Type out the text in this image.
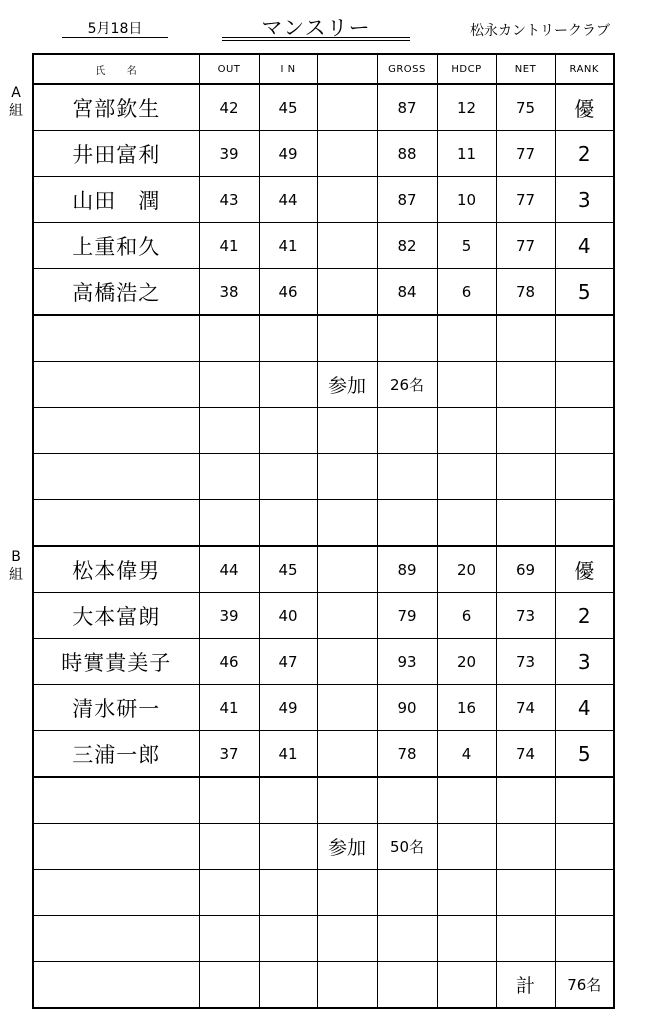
5月18日	マンスリー	松永カントリークラブ
A
組
B
組
氏　　名	OUT	I N		GROSS	HDCP	NET	RANK
宮部欽生	42	45		87	12	75	優
井田富利	39	49		88	11	77	2
山田　潤	43	44		87	10	77	3
上重和久	41	41		82	5	77	4
高橋浩之	38	46		84	6	78	5

			参加	26名			

松本偉男	44	45		89	20	69	優
大本富朗	39	40		79	6	73	2
時實貴美子	46	47		93	20	73	3
清水研一	41	49		90	16	74	4
三浦一郎	37	41		78	4	74	5

			参加	50名			

						計	76名
